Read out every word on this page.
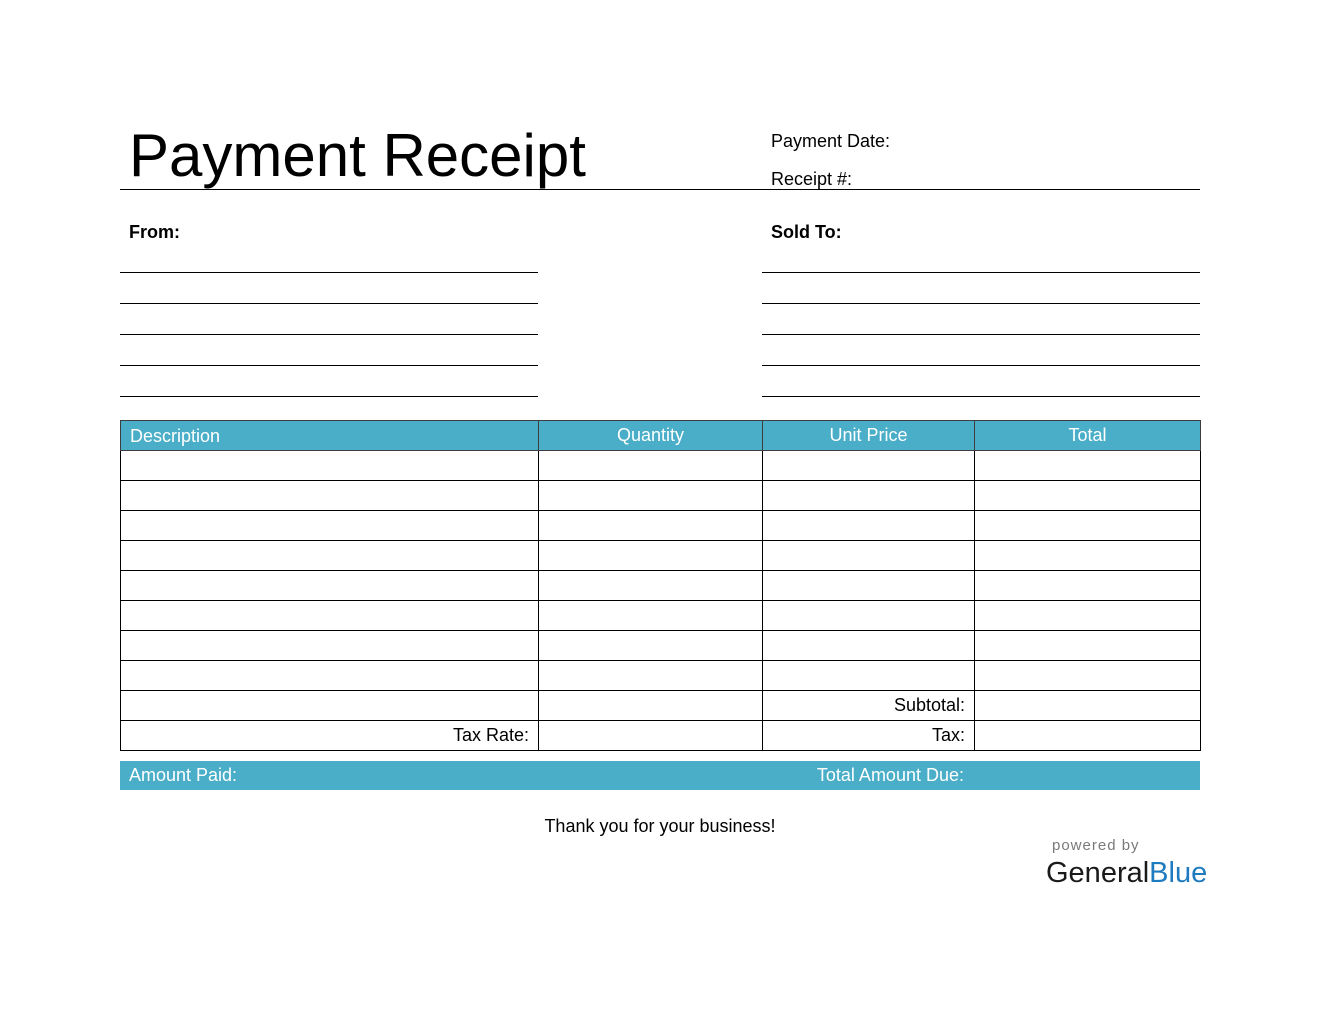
Payment Receipt	Payment Date:
Receipt #:
From:	Sold To:
Description	Quantity	Unit Price	Total

		Subtotal:	
Tax Rate:		Tax:	
Amount Paid:	Total Amount Due:
Thank you for your business!
powered by
GeneralBlue
